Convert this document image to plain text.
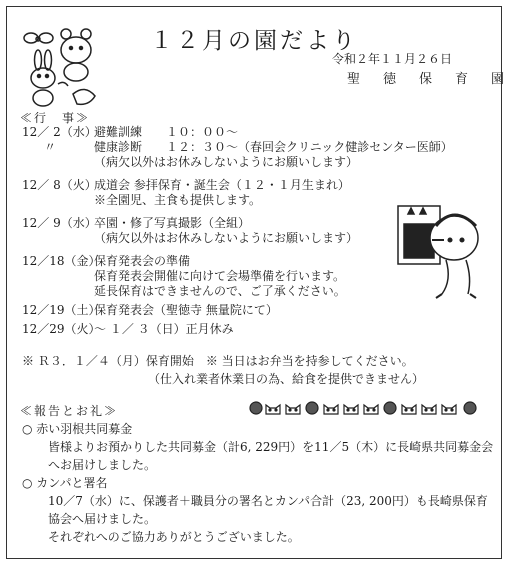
１２月の園だより
令和２年１１月２６日
聖　徳　保　育　園
≪行　事≫
12／ 2（水）避難訓練　　１０：００～
〃	健康診断　　１２：３０～（春回会クリニック健診センター医師）
（病欠以外はお休みしないようにお願いします）
12／ 8（火）成道会 参拝保育・誕生会（１２・１月生まれ）
※全園児、主食も提供します。
12／ 9（水）卒園・修了写真撮影（全組）
（病欠以外はお休みしないようにお願いします）
12／18（金）保育発表会の準備
保育発表会開催に向けて会場準備を行います。
延長保育はできませんので、ご了承ください。
12／19（土）保育発表会（聖徳寺 無量院にて）
12／29（火）～ １／ ３（日）正月休み
※ Ｒ３．１／４（月）保育開始　※ 当日はお弁当を持参してください。
（仕入れ業者休業日の為、給食を提供できません）
≪報告とお礼≫
○ 赤い羽根共同募金
皆様よりお預かりした共同募金（計6, 229円）を11／5（木）に長崎県共同募金会
へお届けしました。
○ カンパと署名
10／7（水）に、保護者＋職員分の署名とカンパ合計（23, 200円）も長崎県保育
協会へ届けました。
それぞれへのご協力ありがとうございました。
